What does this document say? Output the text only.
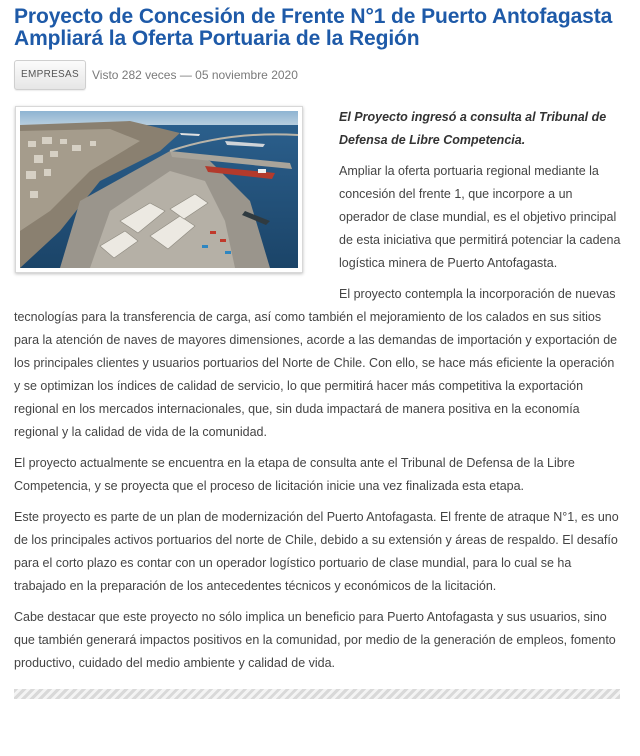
Proyecto de Concesión de Frente N°1 de Puerto Antofagasta Ampliará la Oferta Portuaria de la Región
EMPRESAS	Visto 282 veces — 05 noviembre 2020

El Proyecto ingresó a consulta al Tribunal de Defensa de Libre Competencia.

Ampliar la oferta portuaria regional mediante la concesión del frente 1, que incorpore a un operador de clase mundial, es el objetivo principal de esta iniciativa que permitirá potenciar la cadena logística minera de Puerto Antofagasta.

El proyecto contempla la incorporación de nuevas tecnologías para la transferencia de carga, así como también el mejoramiento de los calados en sus sitios para la atención de naves de mayores dimensiones, acorde a las demandas de importación y exportación de los principales clientes y usuarios portuarios del Norte de Chile. Con ello, se hace más eficiente la operación y se optimizan los índices de calidad de servicio, lo que permitirá hacer más competitiva la exportación regional en los mercados internacionales, que, sin duda impactará de manera positiva en la economía regional y la calidad de vida de la comunidad.

El proyecto actualmente se encuentra en la etapa de consulta ante el Tribunal de Defensa de la Libre Competencia, y se proyecta que el proceso de licitación inicie una vez finalizada esta etapa.

Este proyecto es parte de un plan de modernización del Puerto Antofagasta. El frente de atraque N°1, es uno de los principales activos portuarios del norte de Chile, debido a su extensión y áreas de respaldo. El desafío para el corto plazo es contar con un operador logístico portuario de clase mundial, para lo cual se ha trabajado en la preparación de los antecedentes técnicos y económicos de la licitación.

Cabe destacar que este proyecto no sólo implica un beneficio para Puerto Antofagasta y sus usuarios, sino que también generará impactos positivos en la comunidad, por medio de la generación de empleos, fomento productivo, cuidado del medio ambiente y calidad de vida.
